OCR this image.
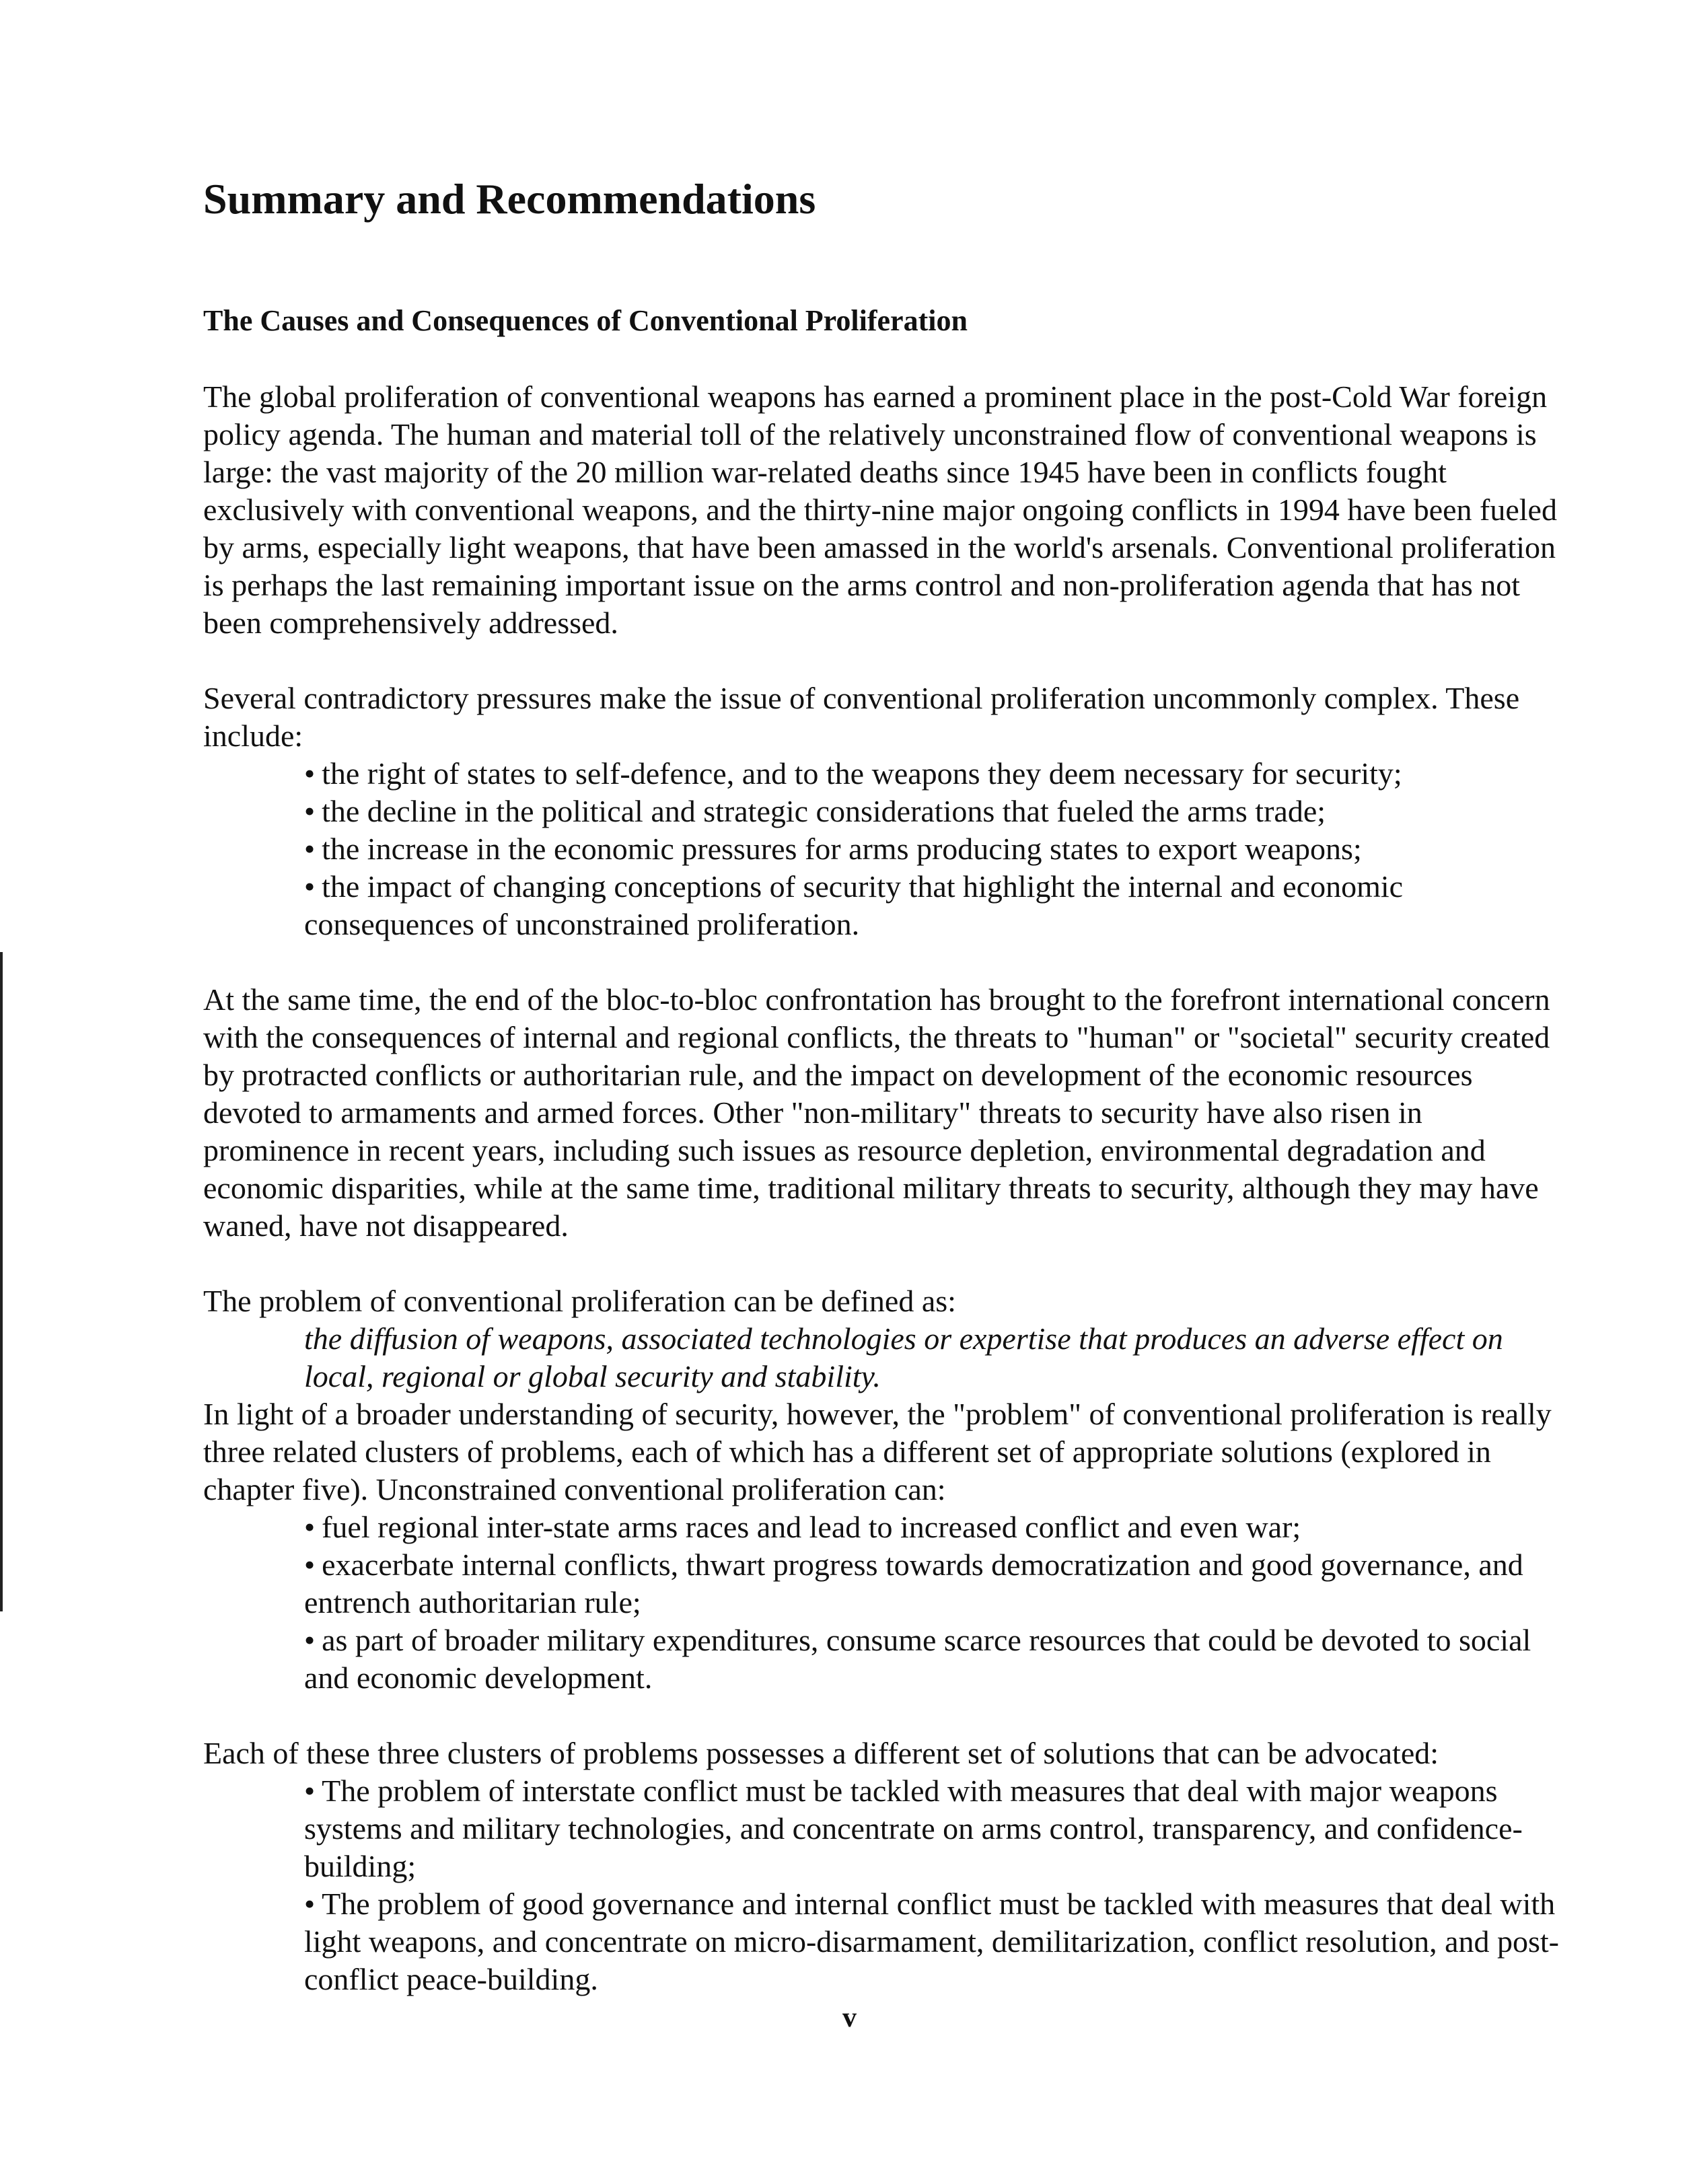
Summary and Recommendations
The Causes and Consequences of Conventional Proliferation

The global proliferation of conventional weapons has earned a prominent place in the post-Cold War foreign policy agenda. The human and material toll of the relatively unconstrained flow of conventional weapons is large: the vast majority of the 20 million war-related deaths since 1945 have been in conflicts fought exclusively with conventional weapons, and the thirty-nine major ongoing conflicts in 1994 have been fueled by arms, especially light weapons, that have been amassed in the world's arsenals. Conventional proliferation is perhaps the last remaining important issue on the arms control and non-proliferation agenda that has not been comprehensively addressed.

Several contradictory pressures make the issue of conventional proliferation uncommonly complex. These include:

• the right of states to self-defence, and to the weapons they deem necessary for security;
• the decline in the political and strategic considerations that fueled the arms trade;
• the increase in the economic pressures for arms producing states to export weapons;
• the impact of changing conceptions of security that highlight the internal and economic consequences of unconstrained proliferation.

At the same time, the end of the bloc-to-bloc confrontation has brought to the forefront international concern with the consequences of internal and regional conflicts, the threats to "human" or "societal" security created by protracted conflicts or authoritarian rule, and the impact on development of the economic resources devoted to armaments and armed forces. Other "non-military" threats to security have also risen in prominence in recent years, including such issues as resource depletion, environmental degradation and economic disparities, while at the same time, traditional military threats to security, although they may have waned, have not disappeared.

The problem of conventional proliferation can be defined as:

the diffusion of weapons, associated technologies or expertise that produces an adverse effect on local, regional or global security and stability.

In light of a broader understanding of security, however, the "problem" of conventional proliferation is really three related clusters of problems, each of which has a different set of appropriate solutions (explored in chapter five). Unconstrained conventional proliferation can:

• fuel regional inter-state arms races and lead to increased conflict and even war;
• exacerbate internal conflicts, thwart progress towards democratization and good governance, and entrench authoritarian rule;
• as part of broader military expenditures, consume scarce resources that could be devoted to social and economic development.

Each of these three clusters of problems possesses a different set of solutions that can be advocated:

• The problem of interstate conflict must be tackled with measures that deal with major weapons systems and military technologies, and concentrate on arms control, transparency, and confidence-building;
• The problem of good governance and internal conflict must be tackled with measures that deal with light weapons, and concentrate on micro-disarmament, demilitarization, conflict resolution, and post-conflict peace-building.
v
